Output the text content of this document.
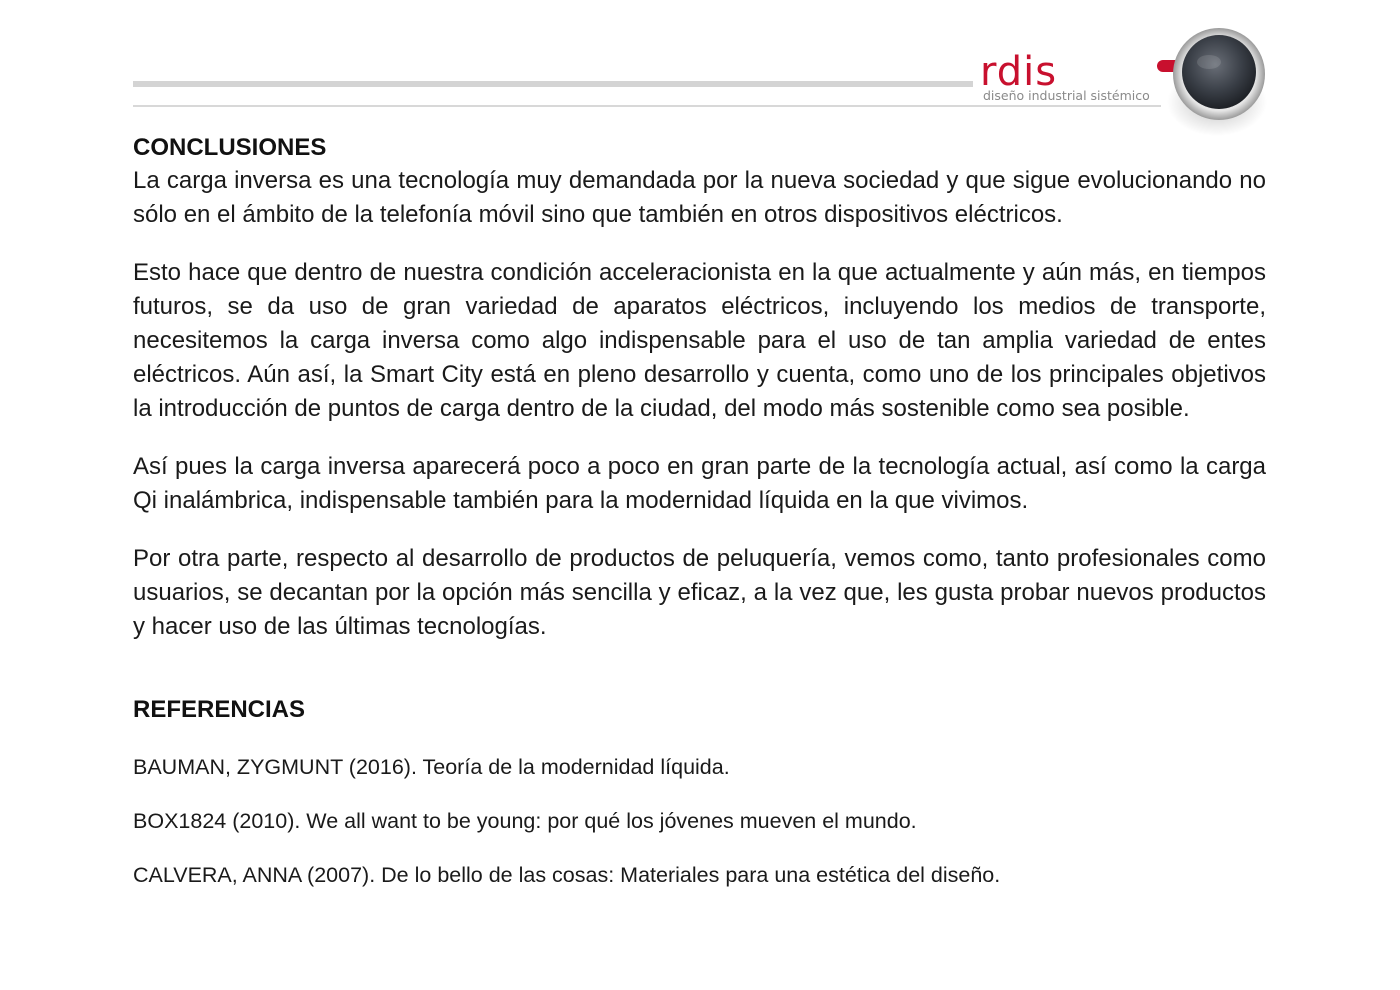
rdis
diseño industrial sistémico
CONCLUSIONES

La carga inversa es una tecnología muy demandada por la nueva sociedad y que sigue evolucionando no sólo en el ámbito de la telefonía móvil sino que también en otros dispositivos eléctricos.

Esto hace que dentro de nuestra condición acceleracionista en la que actualmente y aún más, en tiempos futuros, se da uso de gran variedad de aparatos eléctricos, incluyendo los medios de transporte, necesitemos la carga inversa como algo indispensable para el uso de tan amplia variedad de entes eléctricos. Aún así, la Smart City está en pleno desarrollo y cuenta, como uno de los principales objetivos la introducción de puntos de carga dentro de la ciudad, del modo más sostenible como sea posible.

Así pues la carga inversa aparecerá poco a poco en gran parte de la tecnología actual, así como la carga Qi inalámbrica, indispensable también para la modernidad líquida en la que vivimos.

Por otra parte, respecto al desarrollo de productos de peluquería, vemos como, tanto profesionales como usuarios, se decantan por la opción más sencilla y eficaz, a la vez que, les gusta probar nuevos productos y hacer uso de las últimas tecnologías.

REFERENCIAS

BAUMAN, ZYGMUNT (2016). Teoría de la modernidad líquida.

BOX1824 (2010). We all want to be young: por qué los jóvenes mueven el mundo.

CALVERA, ANNA (2007). De lo bello de las cosas: Materiales para una estética del diseño.
